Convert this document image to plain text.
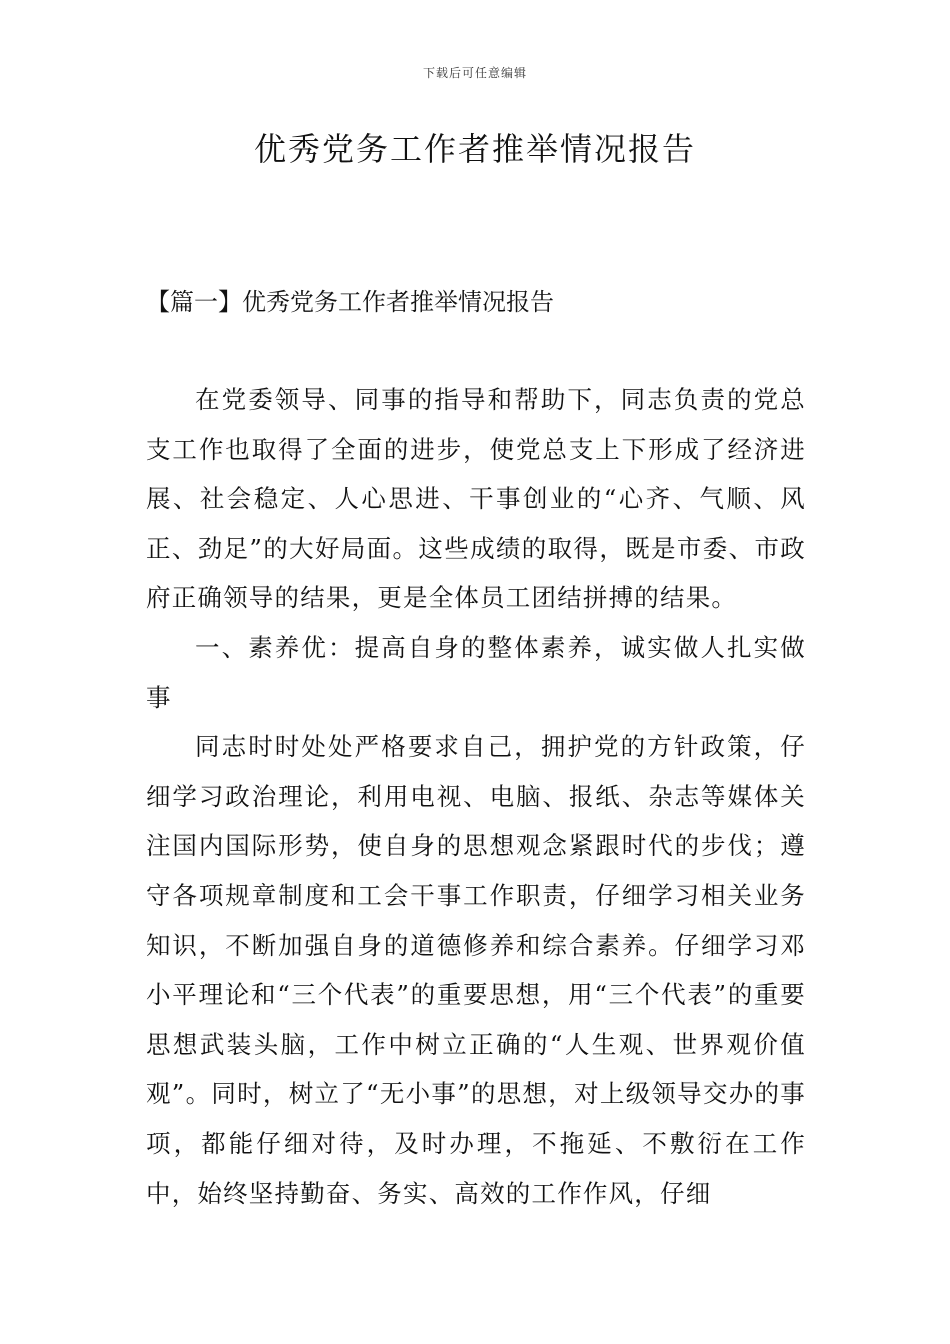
下载后可任意编辑
优秀党务工作者推举情况报告
【篇一】优秀党务工作者推举情况报告

在党委领导、同事的指导和帮助下，同志负责的党总支工作也取得了全面的进步，使党总支上下形成了经济进展、社会稳定、人心思进、干事创业的“心齐、气顺、风正、劲足”的大好局面。这些成绩的取得，既是市委、市政府正确领导的结果，更是全体员工团结拼搏的结果。

一、素养优：提高自身的整体素养，诚实做人扎实做事

同志时时处处严格要求自己，拥护党的方针政策，仔细学习政治理论，利用电视、电脑、报纸、杂志等媒体关注国内国际形势，使自身的思想观念紧跟时代的步伐；遵守各项规章制度和工会干事工作职责，仔细学习相关业务知识，不断加强自身的道德修养和综合素养。仔细学习邓小平理论和“三个代表”的重要思想，用“三个代表”的重要思想武装头脑，工作中树立正确的“人生观、世界观价值观”。同时，树立了“无小事”的思想，对上级领导交办的事项，都能仔细对待，及时办理，不拖延、不敷衍在工作中，始终坚持勤奋、务实、高效的工作作风，仔细
